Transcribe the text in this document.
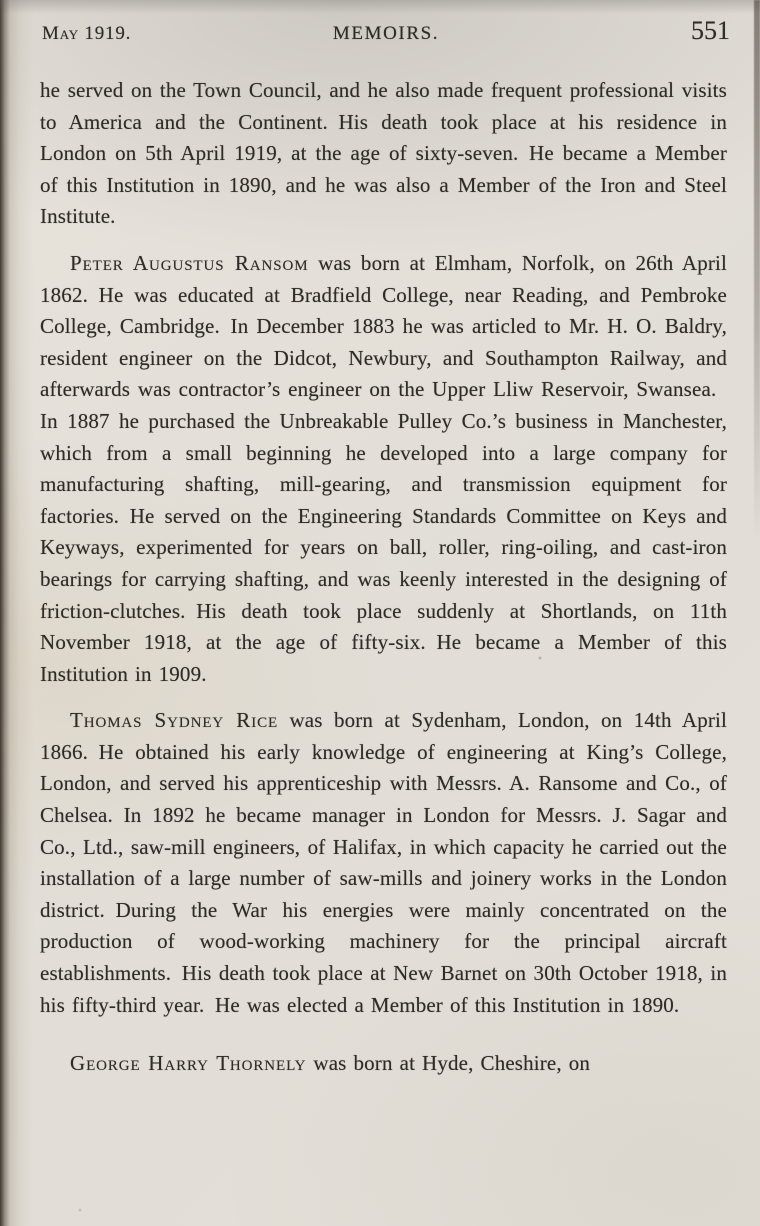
May 1919.	MEMOIRS.	551

he served on the Town Council, and he also made frequent professional visits to America and the Continent. His death took place at his residence in London on 5th April 1919, at the age of sixty-seven. He became a Member of this Institution in 1890, and he was also a Member of the Iron and Steel Institute.

Peter Augustus Ransom was born at Elmham, Norfolk, on 26th April 1862. He was educated at Bradfield College, near Reading, and Pembroke College, Cambridge. In December 1883 he was articled to Mr. H. O. Baldry, resident engineer on the Didcot, Newbury, and Southampton Railway, and afterwards was contractor’s engineer on the Upper Lliw Reservoir, Swansea. In 1887 he purchased the Unbreakable Pulley Co.’s business in Manchester, which from a small beginning he developed into a large company for manufacturing shafting, mill-gearing, and transmission equipment for factories. He served on the Engineering Standards Committee on Keys and Keyways, experimented for years on ball, roller, ring-oiling, and cast-iron bearings for carrying shafting, and was keenly interested in the designing of friction-clutches. His death took place suddenly at Shortlands, on 11th November 1918, at the age of fifty-six. He became a Member of this Institution in 1909.

Thomas Sydney Rice was born at Sydenham, London, on 14th April 1866. He obtained his early knowledge of engineering at King’s College, London, and served his apprenticeship with Messrs. A. Ransome and Co., of Chelsea. In 1892 he became manager in London for Messrs. J. Sagar and Co., Ltd., saw-mill engineers, of Halifax, in which capacity he carried out the installation of a large number of saw-mills and joinery works in the London district. During the War his energies were mainly concentrated on the production of wood-working machinery for the principal aircraft establishments. His death took place at New Barnet on 30th October 1918, in his fifty-third year. He was elected a Member of this Institution in 1890.

George Harry Thornely was born at Hyde, Cheshire, on
